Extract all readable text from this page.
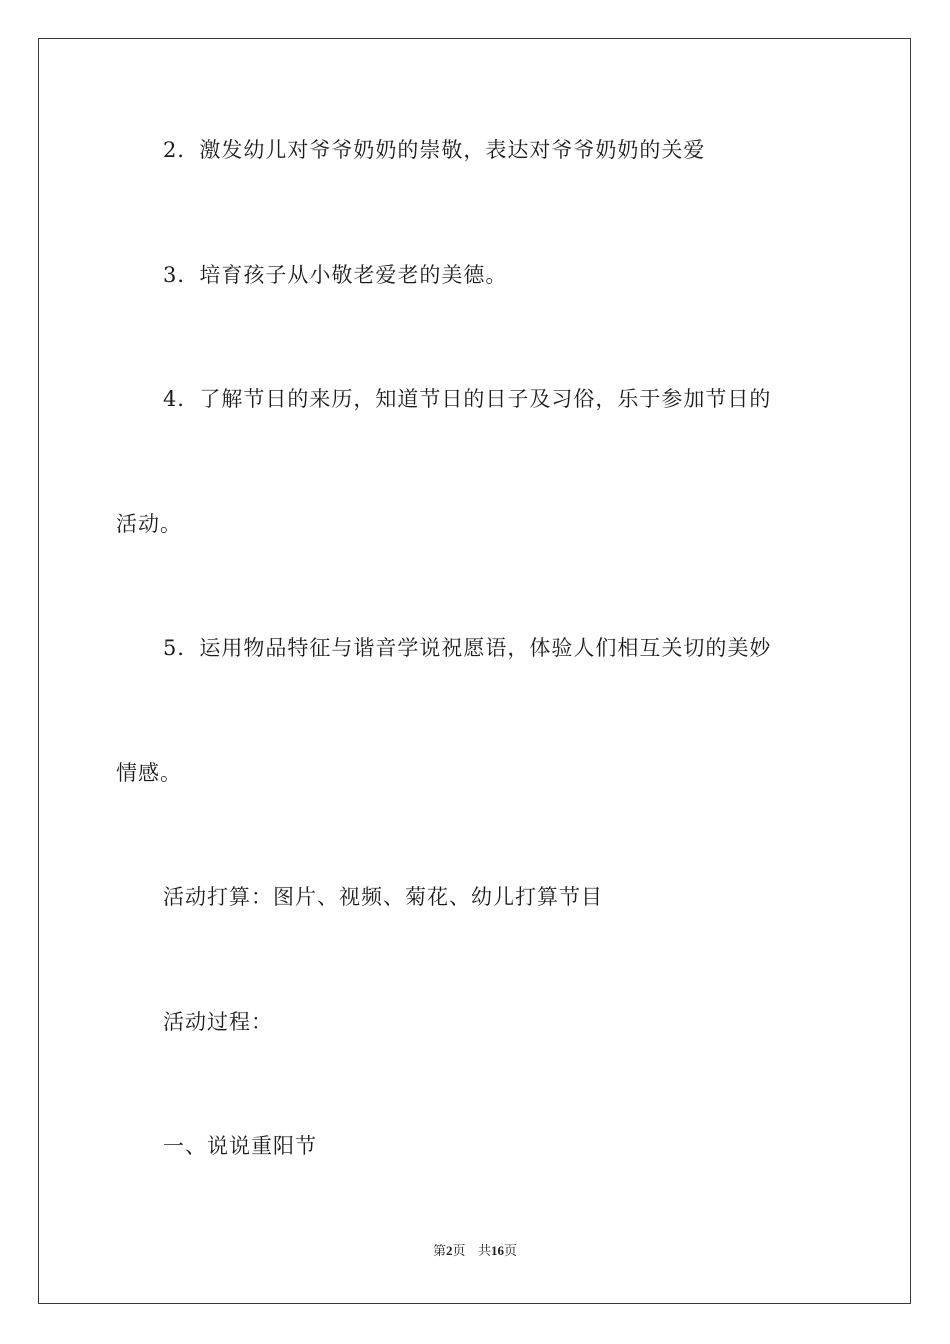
2．激发幼儿对爷爷奶奶的崇敬，表达对爷爷奶奶的关爱
3．培育孩子从小敬老爱老的美德。
4．了解节日的来历，知道节日的日子及习俗，乐于参加节日的
活动。
5．运用物品特征与谐音学说祝愿语，体验人们相互关切的美妙
情感。
活动打算：图片、视频、菊花、幼儿打算节目
活动过程：
一、说说重阳节
第2页 共16页
